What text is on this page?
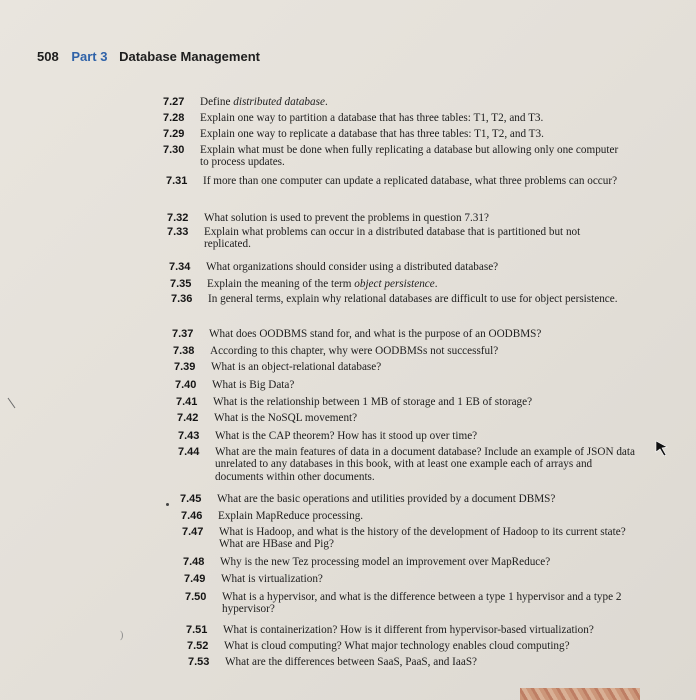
508 Part 3 Database Management
7.27 Define distributed database.
7.28 Explain one way to partition a database that has three tables: T1, T2, and T3.
7.29 Explain one way to replicate a database that has three tables: T1, T2, and T3.
7.30 Explain what must be done when fully replicating a database but allowing only one computer to process updates.
7.31 If more than one computer can update a replicated database, what three problems can occur?
7.32 What solution is used to prevent the problems in question 7.31?
7.33 Explain what problems can occur in a distributed database that is partitioned but not replicated.
7.34 What organizations should consider using a distributed database?
7.35 Explain the meaning of the term object persistence.
7.36 In general terms, explain why relational databases are difficult to use for object persistence.
7.37 What does OODBMS stand for, and what is the purpose of an OODBMS?
7.38 According to this chapter, why were OODBMSs not successful?
7.39 What is an object-relational database?
7.40 What is Big Data?
7.41 What is the relationship between 1 MB of storage and 1 EB of storage?
7.42 What is the NoSQL movement?
7.43 What is the CAP theorem? How has it stood up over time?
7.44 What are the main features of data in a document database? Include an example of JSON data unrelated to any databases in this book, with at least one example each of arrays and documents within other documents.
7.45 What are the basic operations and utilities provided by a document DBMS?
7.46 Explain MapReduce processing.
7.47 What is Hadoop, and what is the history of the development of Hadoop to its current state? What are HBase and Pig?
7.48 Why is the new Tez processing model an improvement over MapReduce?
7.49 What is virtualization?
7.50 What is a hypervisor, and what is the difference between a type 1 hypervisor and a type 2 hypervisor?
7.51 What is containerization? How is it different from hypervisor-based virtualization?
7.52 What is cloud computing? What major technology enables cloud computing?
7.53 What are the differences between SaaS, PaaS, and IaaS?
)
